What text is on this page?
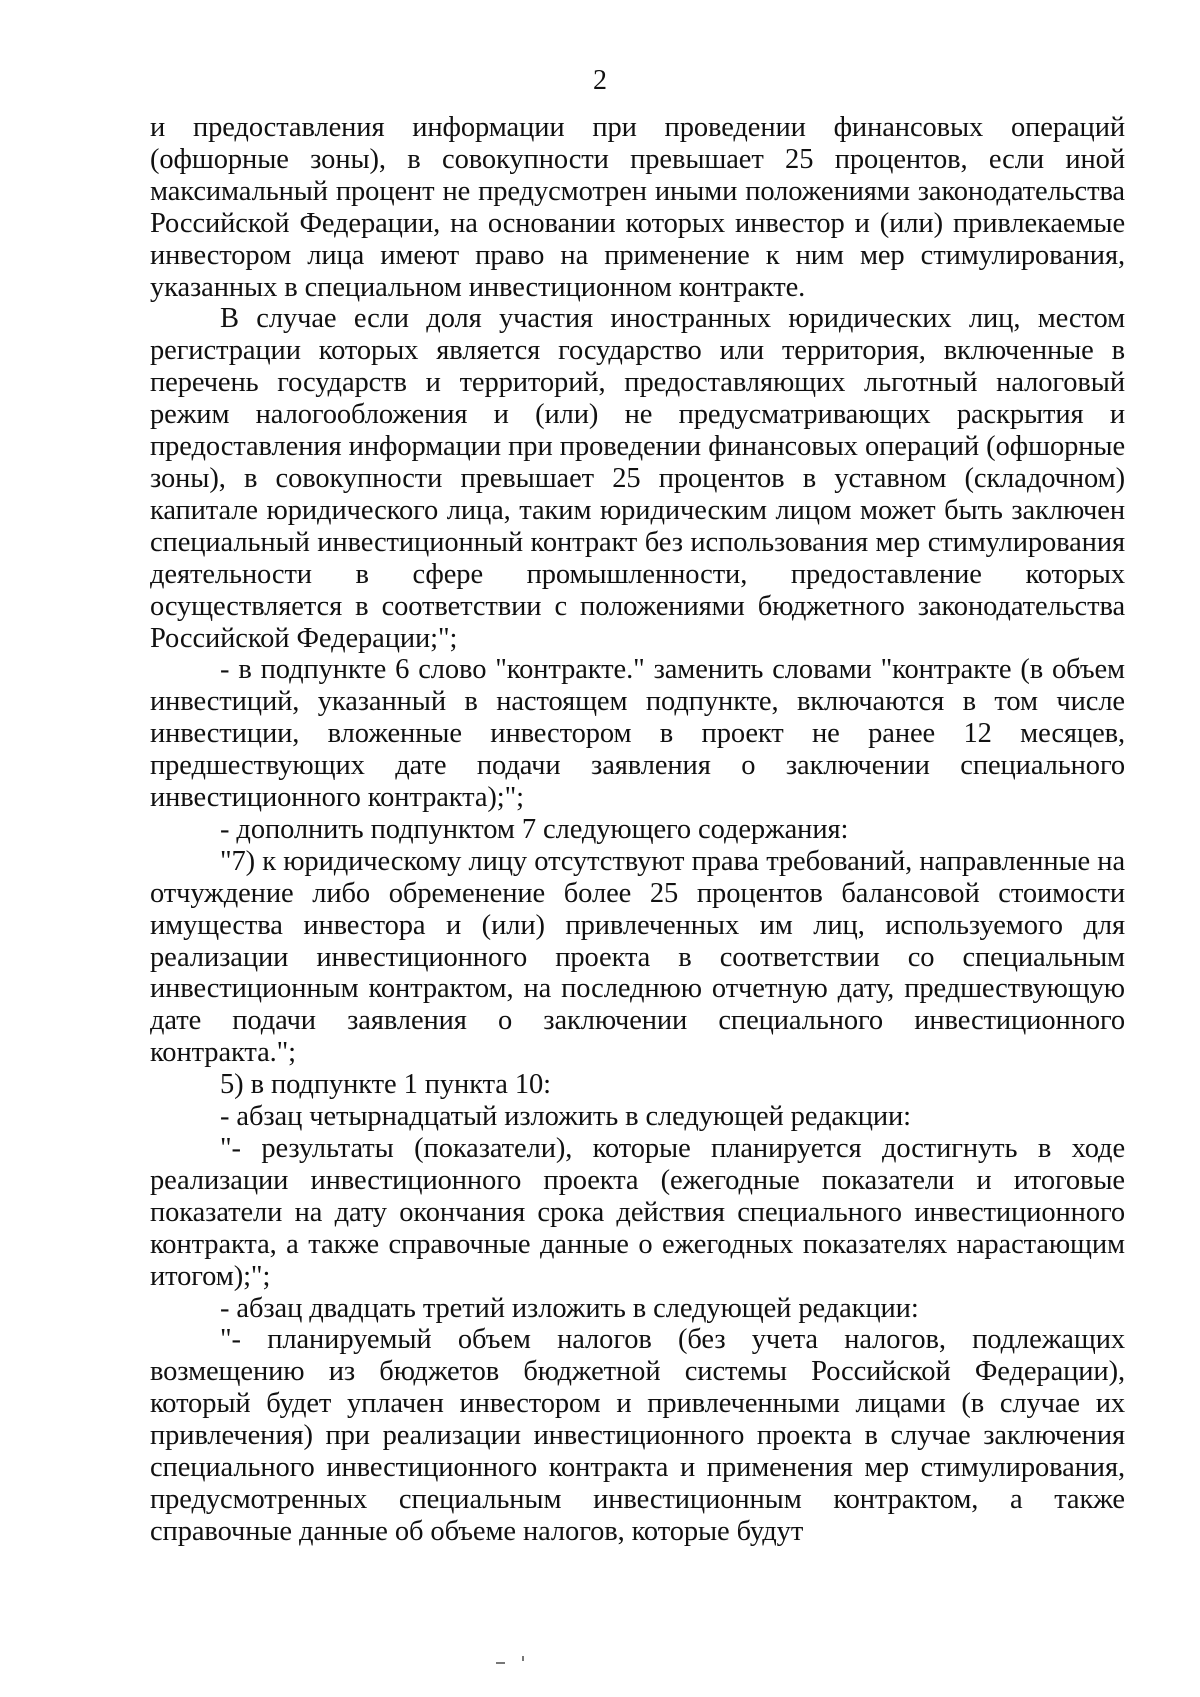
2

и предоставления информации при проведении финансовых операций (офшорные зоны), в совокупности превышает 25 процентов, если иной максимальный процент не предусмотрен иными положениями законодательства Российской Федерации, на основании которых инвестор и (или) привлекаемые инвестором лица имеют право на применение к ним мер стимулирования, указанных в специальном инвестиционном контракте.

В случае если доля участия иностранных юридических лиц, местом регистрации которых является государство или территория, включенные в перечень государств и территорий, предоставляющих льготный налоговый режим налогообложения и (или) не предусматривающих раскрытия и предоставления информации при проведении финансовых операций (офшорные зоны), в совокупности превышает 25 процентов в уставном (складочном) капитале юридического лица, таким юридическим лицом может быть заключен специальный инвестиционный контракт без использования мер стимулирования деятельности в сфере промышленности, предоставление которых осуществляется в соответствии с положениями бюджетного законодательства Российской Федерации;";

- в подпункте 6 слово "контракте." заменить словами "контракте (в объем инвестиций, указанный в настоящем подпункте, включаются в том числе инвестиции, вложенные инвестором в проект не ранее 12 месяцев, предшествующих дате подачи заявления о заключении специального инвестиционного контракта);";

- дополнить подпунктом 7 следующего содержания:

"7) к юридическому лицу отсутствуют права требований, направленные на отчуждение либо обременение более 25 процентов балансовой стоимости имущества инвестора и (или) привлеченных им лиц, используемого для реализации инвестиционного проекта в соответствии со специальным инвестиционным контрактом, на последнюю отчетную дату, предшествующую дате подачи заявления о заключении специального инвестиционного контракта.";

5) в подпункте 1 пункта 10:

- абзац четырнадцатый изложить в следующей редакции:

"- результаты (показатели), которые планируется достигнуть в ходе реализации инвестиционного проекта (ежегодные показатели и итоговые показатели на дату окончания срока действия специального инвестиционного контракта, а также справочные данные о ежегодных показателях нарастающим итогом);";

- абзац двадцать третий изложить в следующей редакции:

"- планируемый объем налогов (без учета налогов, подлежащих возмещению из бюджетов бюджетной системы Российской Федерации), который будет уплачен инвестором и привлеченными лицами (в случае их привлечения) при реализации инвестиционного проекта в случае заключения специального инвестиционного контракта и применения мер стимулирования, предусмотренных специальным инвестиционным контрактом, а также справочные данные об объеме налогов, которые будут
